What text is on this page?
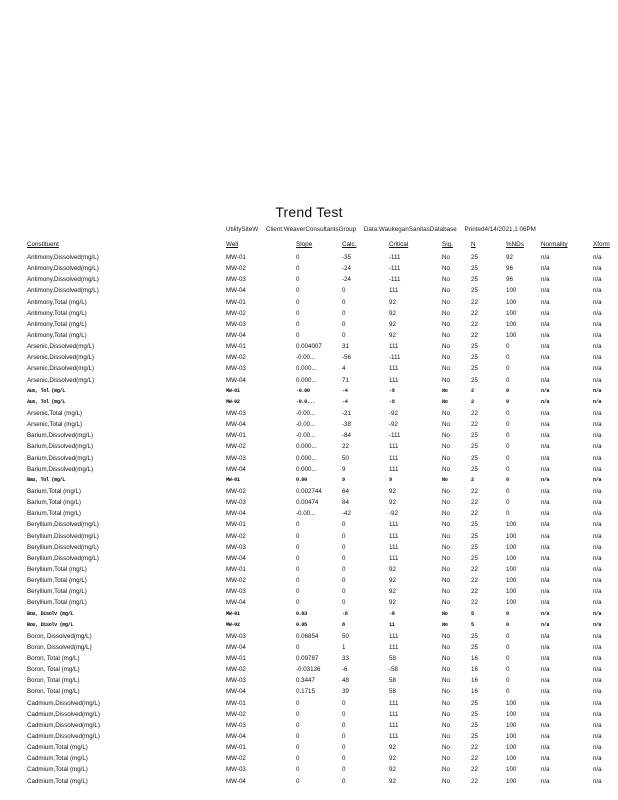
Trend Test
UtilitySiteW Client:WeaverConsultantsGroup Data:WaukeganSanitasDatabase Printed4/14/2021,1:06PM
Constituent	Well	Slope	Calc.	Critical	Sig.	N	%NDs	Normality	Xform
Antimony,Dissolved(mg/L)	MW-01	0	-35	-111	No	25	92	n/a	n/a
Antimony,Dissolved(mg/L)	MW-02	0	-24	-111	No	25	96	n/a	n/a
Antimony,Dissolved(mg/L)	MW-03	0	-24	-111	No	25	96	n/a	n/a
Antimony,Dissolved(mg/L)	MW-04	0	0	111	No	25	100	n/a	n/a
Antimony,Total (mg/L)	MW-01	0	0	92	No	22	100	n/a	n/a
Antimony,Total (mg/L)	MW-02	0	0	92	No	22	100	n/a	n/a
Antimony,Total (mg/L)	MW-03	0	0	92	No	22	100	n/a	n/a
Antimony,Total (mg/L)	MW-04	0	0	92	No	22	100	n/a	n/a
Arsenic,Dissolved(mg/L)	MW-01	0.004007	31	111	No	25	0	n/a	n/a
Arsenic,Dissolved(mg/L)	MW-02	-0.00...	-56	-111	No	25	0	n/a	n/a
Arsenic,Dissolved(mg/L)	MW-03	0.000...	4	111	No	25	0	n/a	n/a
Arsenic,Dissolved(mg/L)	MW-04	0.000...	71	111	No	25	0	n/a	n/a
Aus, Tol (mg/L	MW-01	-0.00	-4	-9	No	2	0	n/a	n/a
Aus, Tol (mg/L	MW-02	-0.0...	-4	-9	No	2	0	n/a	n/a
Arsenic,Total (mg/L)	MW-03	-0.00...	-21	-92	No	22	0	n/a	n/a
Arsenic,Total (mg/L)	MW-04	-0.00...	-38	-92	No	22	0	n/a	n/a
Barium,Dissolved(mg/L)	MW-01	-0.00...	-84	-111	No	25	0	n/a	n/a
Barium,Dissolved(mg/L)	MW-02	0.000...	22	111	No	25	0	n/a	n/a
Barium,Dissolved(mg/L)	MW-03	0.000...	50	111	No	25	0	n/a	n/a
Barium,Dissolved(mg/L)	MW-04	0.000...	9	111	No	25	0	n/a	n/a
Bau, Tol (mg/L	MW-01	0.00	9	9	No	2	0	n/a	n/a
Barium,Total (mg/L)	MW-02	0.002744	64	92	No	22	0	n/a	n/a
Barium,Total (mg/L)	MW-03	0.00474	84	92	No	22	0	n/a	n/a
Barium,Total (mg/L)	MW-04	-0.00...	-42	-92	No	22	0	n/a	n/a
Beryllium,Dissolved(mg/L)	MW-01	0	0	111	No	25	100	n/a	n/a
Beryllium,Dissolved(mg/L)	MW-02	0	0	111	No	25	100	n/a	n/a
Beryllium,Dissolved(mg/L)	MW-03	0	0	111	No	25	100	n/a	n/a
Beryllium,Dissolved(mg/L)	MW-04	0	0	111	No	25	100	n/a	n/a
Beryllium,Total (mg/L)	MW-01	0	0	92	No	22	100	n/a	n/a
Beryllium,Total (mg/L)	MW-02	0	0	92	No	22	100	n/a	n/a
Beryllium,Total (mg/L)	MW-03	0	0	92	No	22	100	n/a	n/a
Beryllium,Total (mg/L)	MW-04	0	0	92	No	22	100	n/a	n/a
Bou, Disolv (mg/L	MW-01	0.03	-8	-8	No	5	0	n/a	n/a
Bou, Disolv (mg/L	MW-02	0.05	8	11	No	5	0	n/a	n/a
Boron, Dissolved(mg/L)	MW-03	0.06854	50	111	No	25	0	n/a	n/a
Boron, Dissolved(mg/L)	MW-04	0	1	111	No	25	0	n/a	n/a
Boron, Total (mg/L)	MW-01	0.09787	33	58	No	16	0	n/a	n/a
Boron, Total (mg/L)	MW-02	-0.03136	-6	-58	No	16	0	n/a	n/a
Boron, Total (mg/L)	MW-03	0.3447	48	58	No	16	0	n/a	n/a
Boron, Total (mg/L)	MW-04	0.1715	39	58	No	16	0	n/a	n/a
Cadmium,Dissolved(mg/L)	MW-01	0	0	111	No	25	100	n/a	n/a
Cadmium,Dissolved(mg/L)	MW-02	0	0	111	No	25	100	n/a	n/a
Cadmium,Dissolved(mg/L)	MW-03	0	0	111	No	25	100	n/a	n/a
Cadmium,Dissolved(mg/L)	MW-04	0	0	111	No	25	100	n/a	n/a
Cadmium,Total (mg/L)	MW-01	0	0	92	No	22	100	n/a	n/a
Cadmium,Total (mg/L)	MW-02	0	0	92	No	22	100	n/a	n/a
Cadmium,Total (mg/L)	MW-03	0	0	92	No	22	100	n/a	n/a
Cadmium,Total (mg/L)	MW-04	0	0	92	No	22	100	n/a	n/a
